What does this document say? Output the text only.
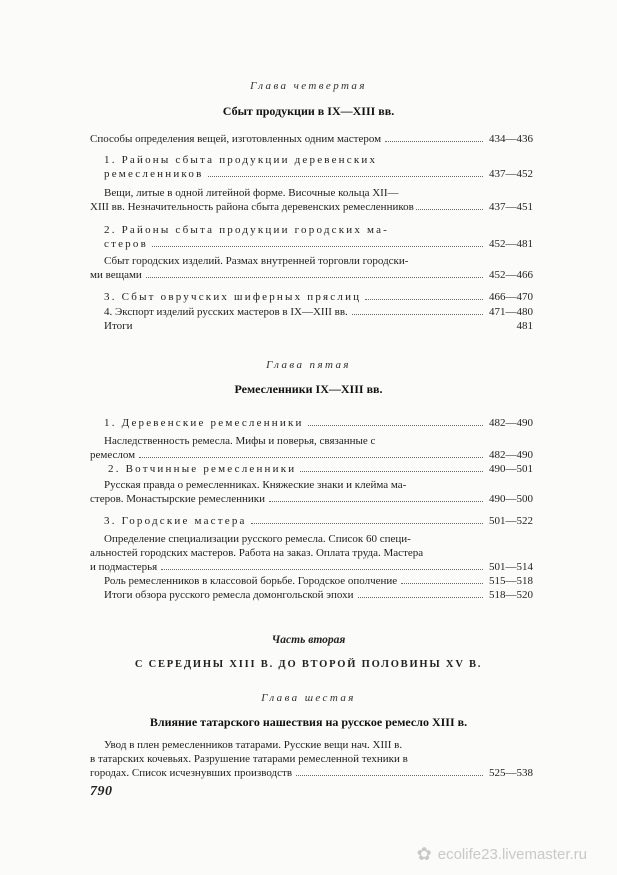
Глава четвертая
Сбыт продукции в IX—XIII вв.
Способы определения вещей, изготовленных одним мастером	434—436
1. Районы сбыта продукции деревенских
ремесленников	437—452
Вещи, литые в одной литейной форме. Височные кольца XII—
XIII вв. Незначительность района сбыта деревенских ремесленников	437—451
2. Районы сбыта продукции городских ма-
стеров	452—481
Сбыт городских изделий. Размах внутренней торговли городски-
ми вещами	452—466
3. Сбыт овручских шиферных пряслиц	466—470
4. Экспорт изделий русских мастеров в IX—XIII вв.	471—480
Итоги	481
Глава пятая
Ремесленники IX—XIII вв.
1. Деревенские ремесленники	482—490
Наследственность ремесла. Мифы и поверья, связанные с
ремеслом	482—490
2. Вотчинные ремесленники	490—501
Русская правда о ремесленниках. Княжеские знаки и клейма ма-
стеров. Монастырские ремесленники	490—500
3. Городские мастера	501—522
Определение специализации русского ремесла. Список 60 специ-
альностей городских мастеров. Работа на заказ. Оплата труда. Мастера
и подмастерья	501—514
Роль ремесленников в классовой борьбе. Городское ополчение	515—518
Итоги обзора русского ремесла домонгольской эпохи	518—520
Часть вторая
С СЕРЕДИНЫ XIII В. ДО ВТОРОЙ ПОЛОВИНЫ XV В.
Глава шестая
Влияние татарского нашествия на русское ремесло XIII в.
Увод в плен ремесленников татарами. Русские вещи нач. XIII в.
в татарских кочевьях. Разрушение татарами ремесленной техники в
городах. Список исчезнувших производств	525—538
790
✿ ecolife23.livemaster.ru
